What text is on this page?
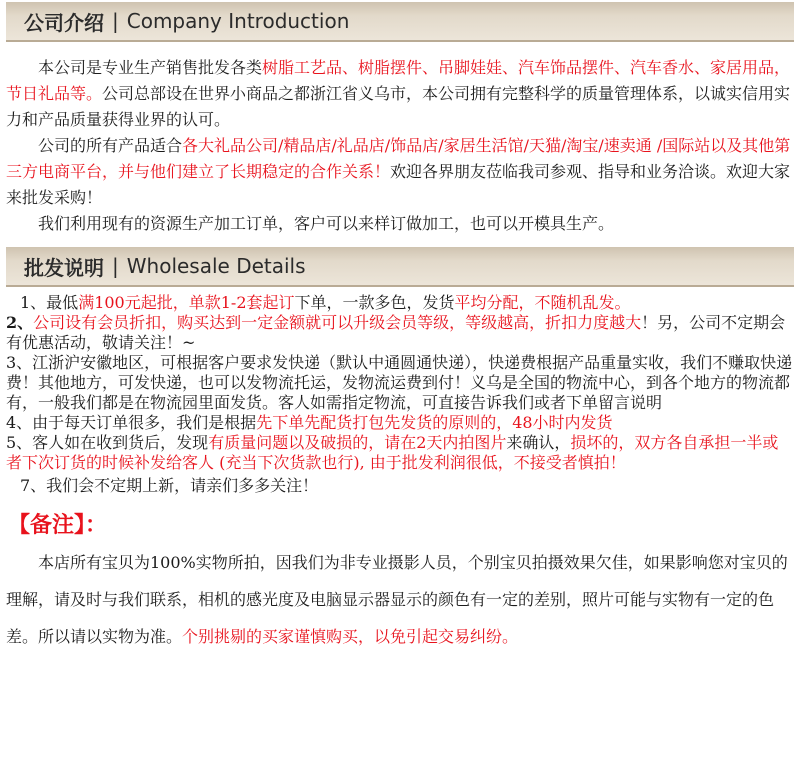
公司介绍 | Company Introduction

本公司是专业生产销售批发各类树脂工艺品、树脂摆件、吊脚娃娃、汽车饰品摆件、汽车香水、家居用品，节日礼品等。公司总部设在世界小商品之都浙江省义乌市，本公司拥有完整科学的质量管理体系，以诚实信用实力和产品质量获得业界的认可。

公司的所有产品适合各大礼品公司/精品店/礼品店/饰品店/家居生活馆/天猫/淘宝/速卖通 /国际站以及其他第三方电商平台，并与他们建立了长期稳定的合作关系！欢迎各界朋友莅临我司参观、指导和业务洽谈。欢迎大家来批发采购！

我们利用现有的资源生产加工订单，客户可以来样订做加工，也可以开模具生产。

批发说明 | Wholesale Details

1、最低满100元起批，单款1-2套起订下单，一款多色，发货平均分配，不随机乱发。

2、公司设有会员折扣，购买达到一定金额就可以升级会员等级，等级越高，折扣力度越大！另，公司不定期会有优惠活动，敬请关注！~

3、江浙沪安徽地区，可根据客户要求发快递（默认中通圆通快递），快递费根据产品重量实收，我们不赚取快递费！其他地方，可发快递，也可以发物流托运，发物流运费到付！义乌是全国的物流中心，到各个地方的物流都有，一般我们都是在物流园里面发货。客人如需指定物流，可直接告诉我们或者下单留言说明

4、由于每天订单很多，我们是根据先下单先配货打包先发货的原则的，48小时内发货

5、客人如在收到货后，发现有质量问题以及破损的，请在2天内拍图片来确认，损坏的，双方各自承担一半或者下次订货的时候补发给客人 (充当下次货款也行), 由于批发利润很低，不接受者慎拍！

7、我们会不定期上新，请亲们多多关注！

【备注】：

本店所有宝贝为100%实物所拍，因我们为非专业摄影人员，个别宝贝拍摄效果欠佳，如果影响您对宝贝的理解，请及时与我们联系，相机的感光度及电脑显示器显示的颜色有一定的差别，照片可能与实物有一定的色差。所以请以实物为准。个别挑剔的买家谨慎购买，以免引起交易纠纷。
